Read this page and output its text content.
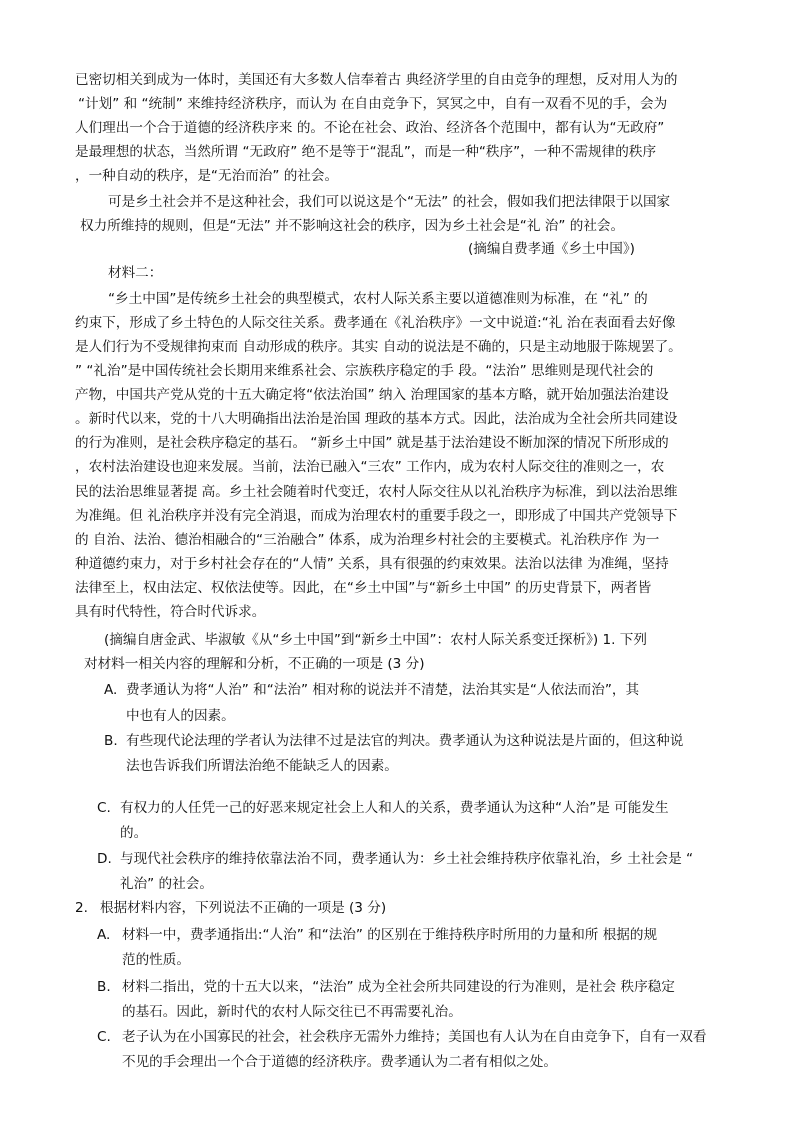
已密切相关到成为一体时，美国还有大多数人信奉着古 典经济学里的自由竞争的理想，反对用人为的
“计划” 和 “统制” 来维持经济秩序，而认为 在自由竞争下，冥冥之中，自有一双看不见的手，会为
人们理出一个合于道德的经济秩序来 的。不论在社会、政治、经济各个范围中，都有认为“无政府”
是最理想的状态，当然所谓 “无政府” 绝不是等于“混乱”，而是一种“秩序”，一种不需规律的秩序
，一种自动的秩序，是“无治而治” 的社会。
可是乡土社会并不是这种社会，我们可以说这是个“无法” 的社会，假如我们把法律限于以国家
权力所维持的规则，但是“无法” 并不影响这社会的秩序，因为乡土社会是“礼 治” 的社会。
(摘编自费孝通《乡土中国》)
材料二：
“乡土中国”是传统乡土社会的典型模式，农村人际关系主要以道德准则为标准，在 “礼” 的
约束下，形成了乡土特色的人际交往关系。费孝通在《礼治秩序》一文中说道:“礼 治在表面看去好像
是人们行为不受规律拘束而 自动形成的秩序。其实 自动的说法是不确的，只是主动地服于陈规罢了。
” “礼治”是中国传统社会长期用来维系社会、宗族秩序稳定的手 段。“法治” 思维则是现代社会的
产物，中国共产党从党的十五大确定将“依法治国” 纳入 治理国家的基本方略，就开始加强法治建设
。新时代以来，党的十八大明确指出法治是治国 理政的基本方式。因此，法治成为全社会所共同建设
的行为准则，是社会秩序稳定的基石。 “新乡土中国” 就是基于法治建设不断加深的情况下所形成的
，农村法治建设也迎来发展。当前，法治已融入“三农” 工作内，成为农村人际交往的准则之一，农
民的法治思维显著提 高。乡土社会随着时代变迁，农村人际交往从以礼治秩序为标准，到以法治思维
为准绳。但 礼治秩序并没有完全消退，而成为治理农村的重要手段之一，即形成了中国共产党领导下
的 自治、法治、德治相融合的“三治融合” 体系，成为治理乡村社会的主要模式。礼治秩序作 为一
种道德约束力，对于乡村社会存在的“人情” 关系，具有很强的约束效果。法治以法律 为准绳，坚持
法律至上，权由法定、权依法使等。因此，在“乡土中国”与“新乡土中国” 的历史背景下，两者皆
具有时代特性，符合时代诉求。
(摘编自唐金武、毕淑敏《从“乡土中国”到“新乡土中国”：农村人际关系变迁探析》) 1. 下列
对材料一相关内容的理解和分析，不正确的一项是 (3 分)
A. 费孝通认为将“人治” 和“法治” 相对称的说法并不清楚，法治其实是“人依法而治”，其
中也有人的因素。
B. 有些现代论法理的学者认为法律不过是法官的判决。费孝通认为这种说法是片面的，但这种说
法也告诉我们所谓法治绝不能缺乏人的因素。
C. 有权力的人任凭一己的好恶来规定社会上人和人的关系，费孝通认为这种“人治”是 可能发生
的。
D. 与现代社会秩序的维持依靠法治不同，费孝通认为：乡土社会维持秩序依靠礼治，乡 土社会是 “
礼治” 的社会。
2. 根据材料内容，下列说法不正确的一项是 (3 分)
A. 材料一中，费孝通指出:“人治” 和“法治” 的区别在于维持秩序时所用的力量和所 根据的规
范的性质。
B. 材料二指出，党的十五大以来，“法治” 成为全社会所共同建设的行为准则，是社会 秩序稳定
的基石。因此，新时代的农村人际交往已不再需要礼治。
C. 老子认为在小国寡民的社会，社会秩序无需外力维持；美国也有人认为在自由竞争下，自有一双看
不见的手会理出一个合于道德的经济秩序。费孝通认为二者有相似之处。
